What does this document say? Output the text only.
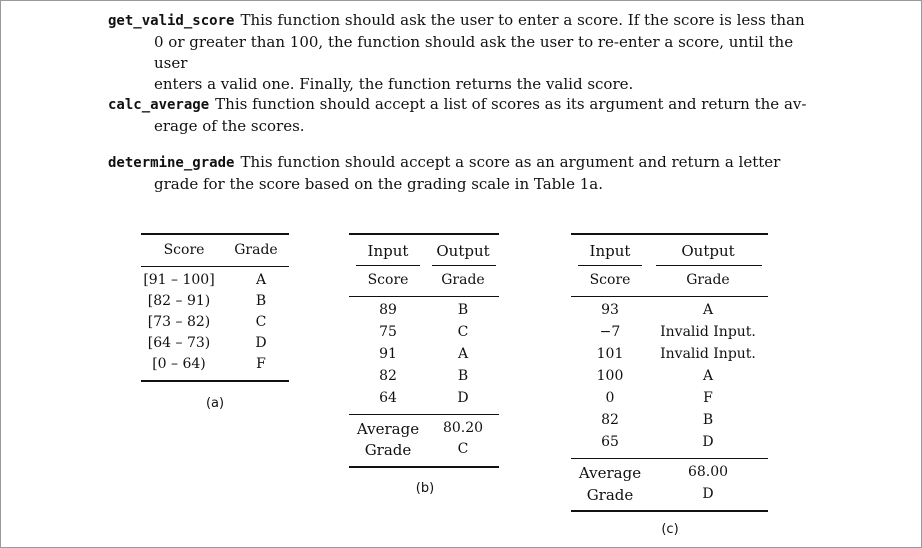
get_valid_score This function should ask the user to enter a score. If the score is less than
0 or greater than 100, the function should ask the user to re-enter a score, until the user
enters a valid one. Finally, the function returns the valid score.
calc_average This function should accept a list of scores as its argument and return the av-
erage of the scores.
determine_grade This function should accept a score as an argument and return a letter
grade for the score based on the grading scale in Table 1a.
Score	Grade
[91 – 100]	A
[82 – 91)	B
[73 – 82)	C
[64 – 73)	D
[0 – 64)	F
(a)
Input	Output
Score	Grade
89	B
75	C
91	A
82	B
64	D
Average	80.20
Grade	C
(b)
Input	Output
Score	Grade
93	A
−7	Invalid Input.
101	Invalid Input.
100	A
0	F
82	B
65	D
Average	68.00
Grade	D
(c)
